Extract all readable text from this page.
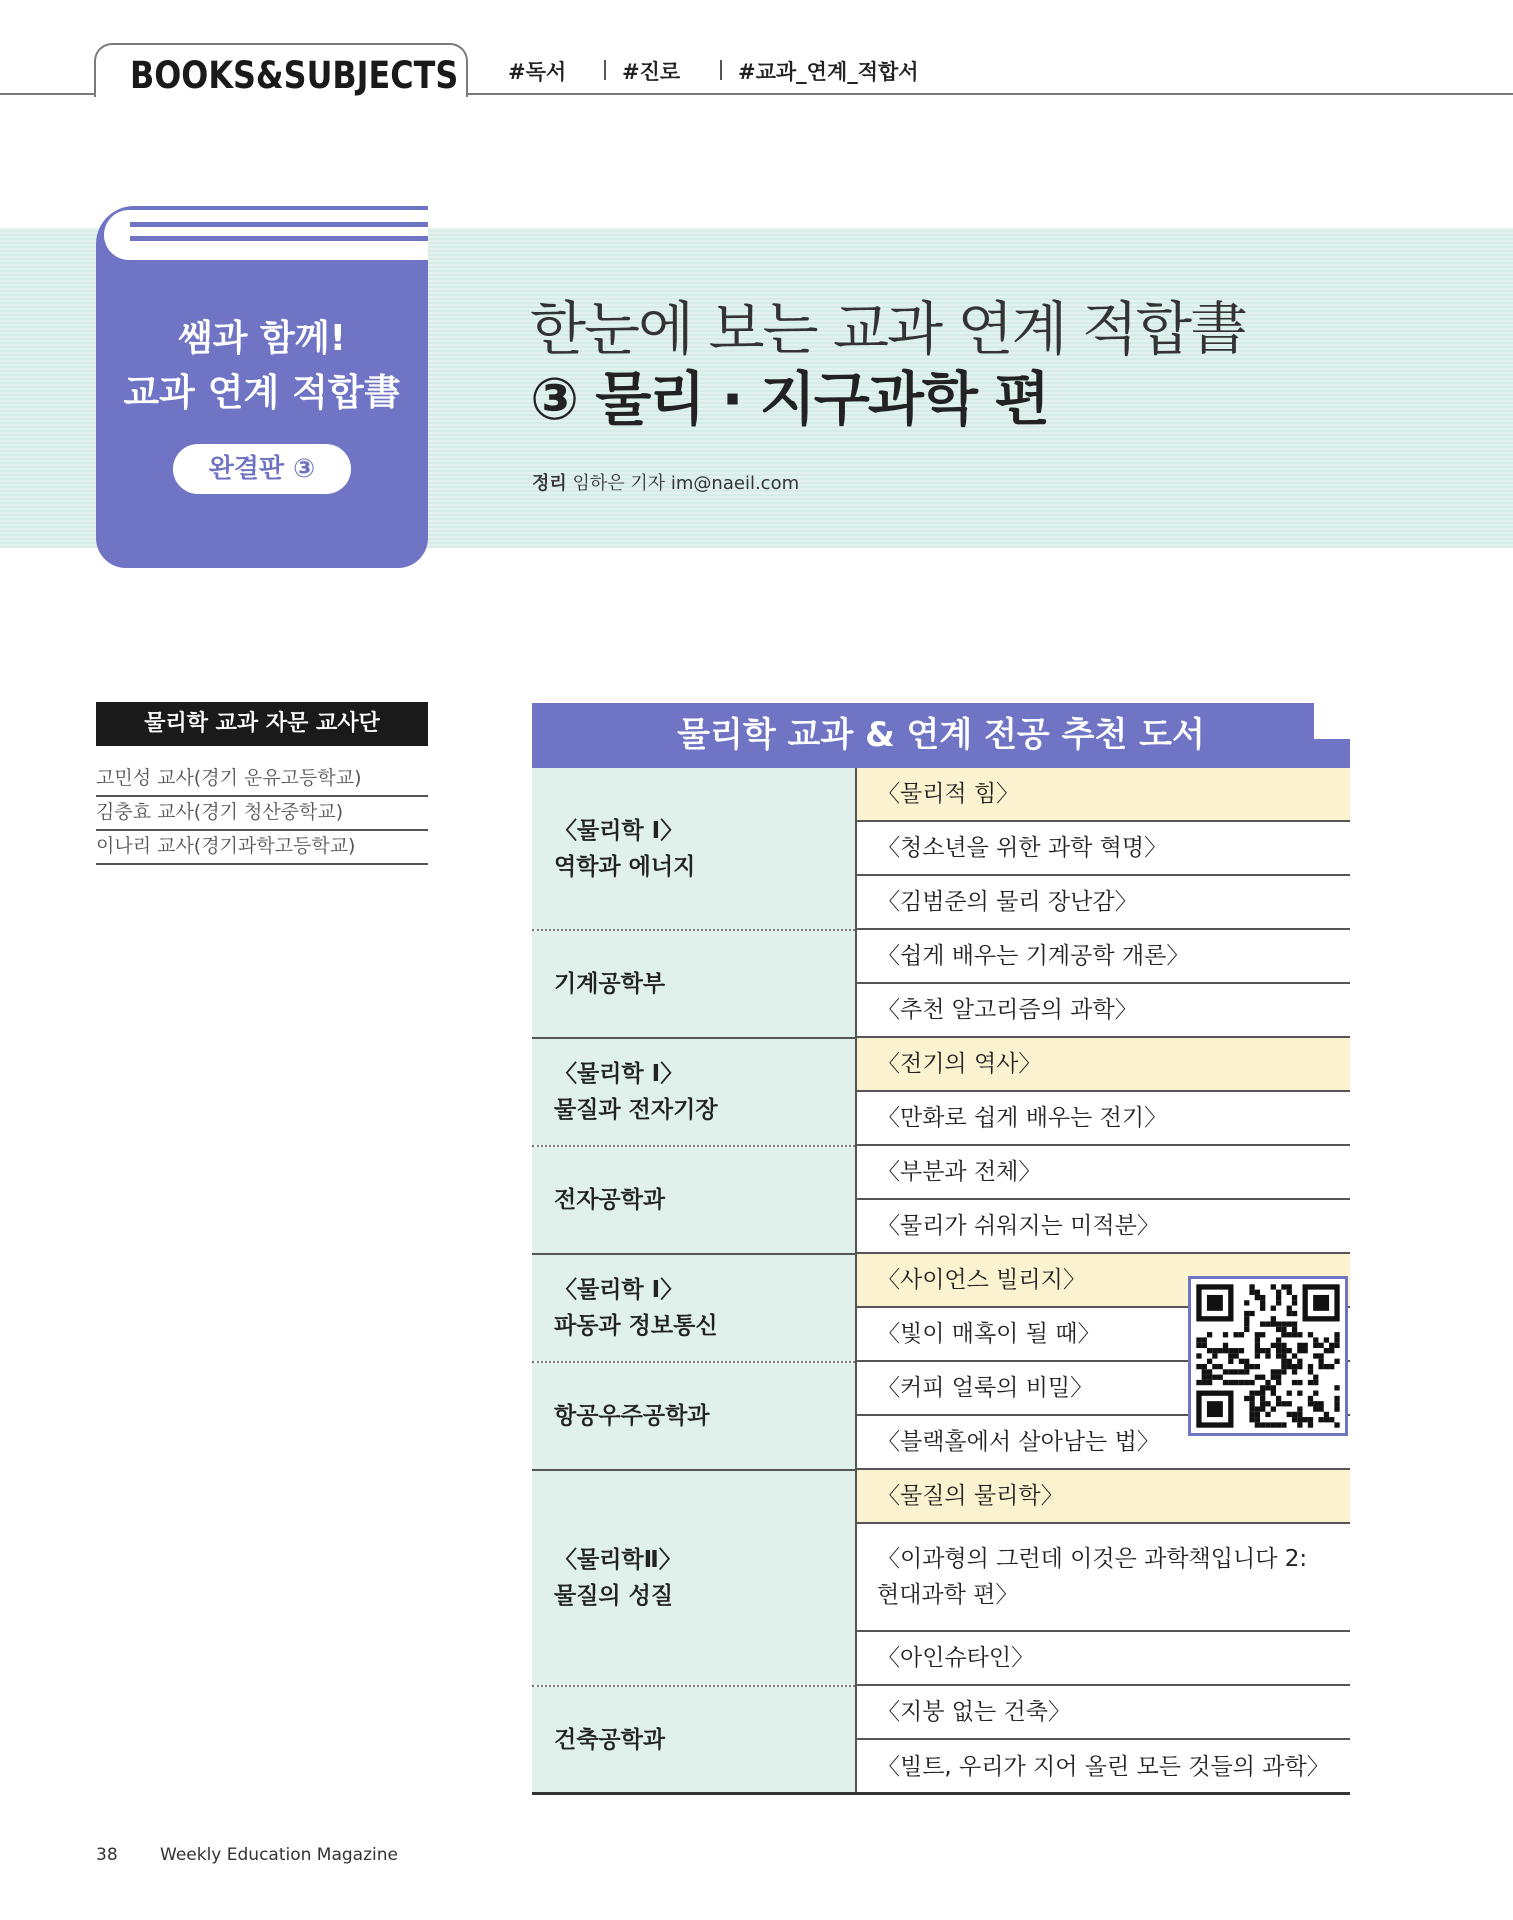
BOOKS&SUBJECTS #독서	#진로	#교과_연계_적합서
쌤과 함께!
교과 연계 적합書
완결판 ③
한눈에 보는 교과 연계 적합書
③ 물리 · 지구과학 편
정리 임하은 기자 im@naeil.com
물리학 교과 자문 교사단
고민성 교사(경기 운유고등학교)
김충효 교사(경기 청산중학교)
이나리 교사(경기과학고등학교)
물리학 교과 & 연계 전공 추천 도서
〈물리학 Ⅰ〉
역학과 에너지
기계공학부
〈물리학 Ⅰ〉
물질과 전자기장
전자공학과
〈물리학 Ⅰ〉
파동과 정보통신
항공우주공학과
〈물리학Ⅱ〉
물질의 성질
건축공학과
〈물리적 힘〉
〈청소년을 위한 과학 혁명〉
〈김범준의 물리 장난감〉
〈쉽게 배우는 기계공학 개론〉
〈추천 알고리즘의 과학〉
〈전기의 역사〉
〈만화로 쉽게 배우는 전기〉
〈부분과 전체〉
〈물리가 쉬워지는 미적분〉
〈사이언스 빌리지〉
〈빛이 매혹이 될 때〉
〈커피 얼룩의 비밀〉
〈블랙홀에서 살아남는 법〉
〈물질의 물리학〉
〈이과형의 그런데 이것은 과학책입니다 2:
현대과학 편〉
〈아인슈타인〉
〈지붕 없는 건축〉
〈빌트, 우리가 지어 올린 모든 것들의 과학〉
38 Weekly Education Magazine
